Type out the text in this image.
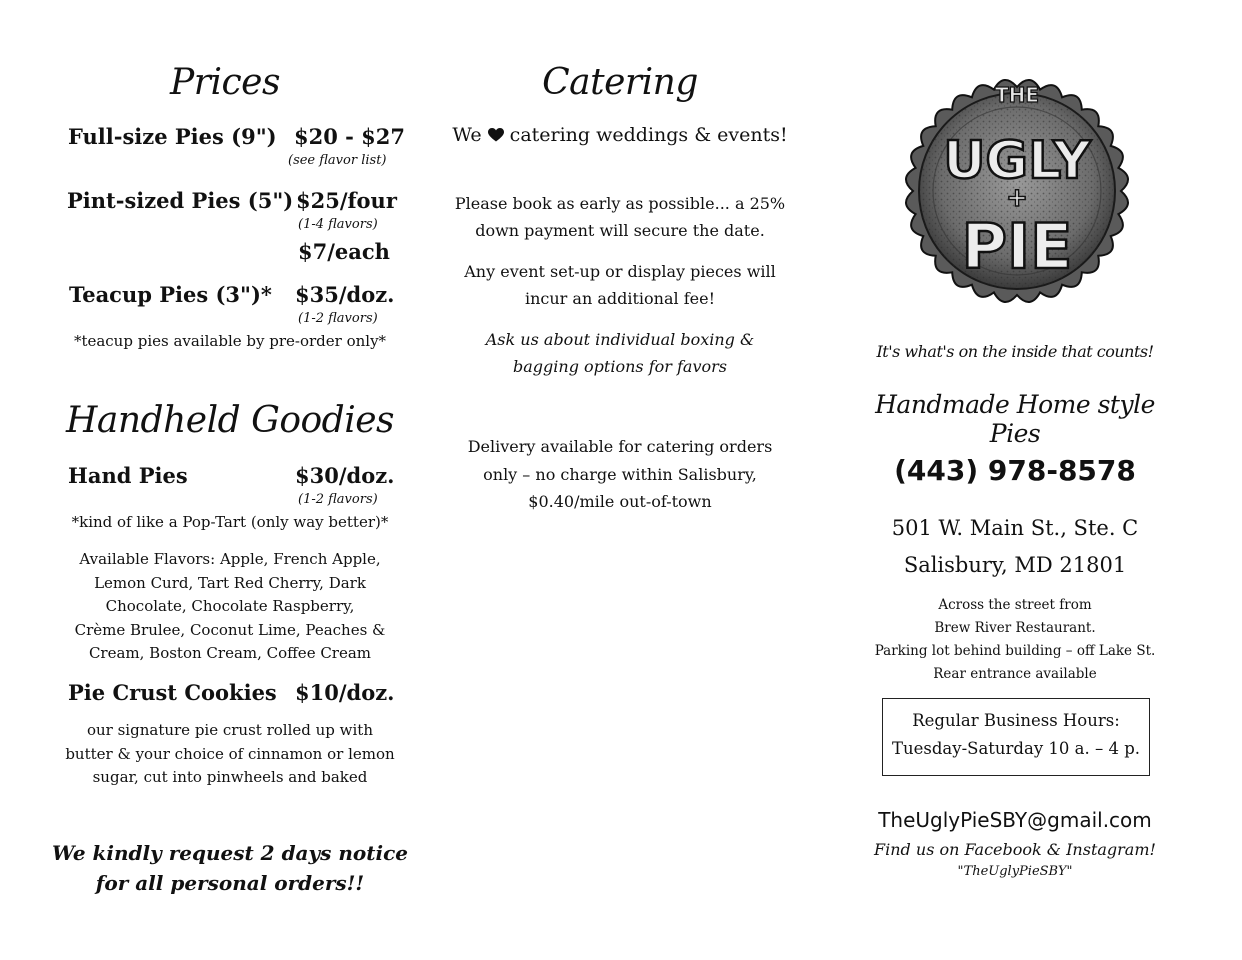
Prices
Full-size Pies (9") $20 - $27
(see flavor list)
Pint-sized Pies (5") $25/four
(1-4 flavors)
$7/each
Teacup Pies (3")* $35/doz.
(1-2 flavors)
*teacup pies available by pre-order only*
Handheld Goodies
Hand Pies	$30/doz.
(1-2 flavors)
*kind of like a Pop-Tart (only way better)*
Available Flavors: Apple, French Apple,
Lemon Curd, Tart Red Cherry, Dark
Chocolate, Chocolate Raspberry,
Crème Brulee, Coconut Lime, Peaches &
Cream, Boston Cream, Coffee Cream
Pie Crust Cookies $10/doz.
our signature pie crust rolled up with
butter & your choice of cinnamon or lemon
sugar, cut into pinwheels and baked
We kindly request 2 days notice
for all personal orders!!
Catering
We catering weddings & events!
Please book as early as possible... a 25%
down payment will secure the date.
Any event set-up or display pieces will
incur an additional fee!
Ask us about individual boxing &
bagging options for favors
Delivery available for catering orders
only – no charge within Salisbury,
$0.40/mile out-of-town
THE
UGLY
+
PIE
It's what's on the inside that counts!
Handmade Home style Pies
(443) 978-8578
501 W. Main St., Ste. C
Salisbury, MD 21801
Across the street from
Brew River Restaurant.
Parking lot behind building – off Lake St.
Rear entrance available
Regular Business Hours:
Tuesday-Saturday 10 a. – 4 p.
TheUglyPieSBY@gmail.com
Find us on Facebook & Instagram!
"TheUglyPieSBY"
